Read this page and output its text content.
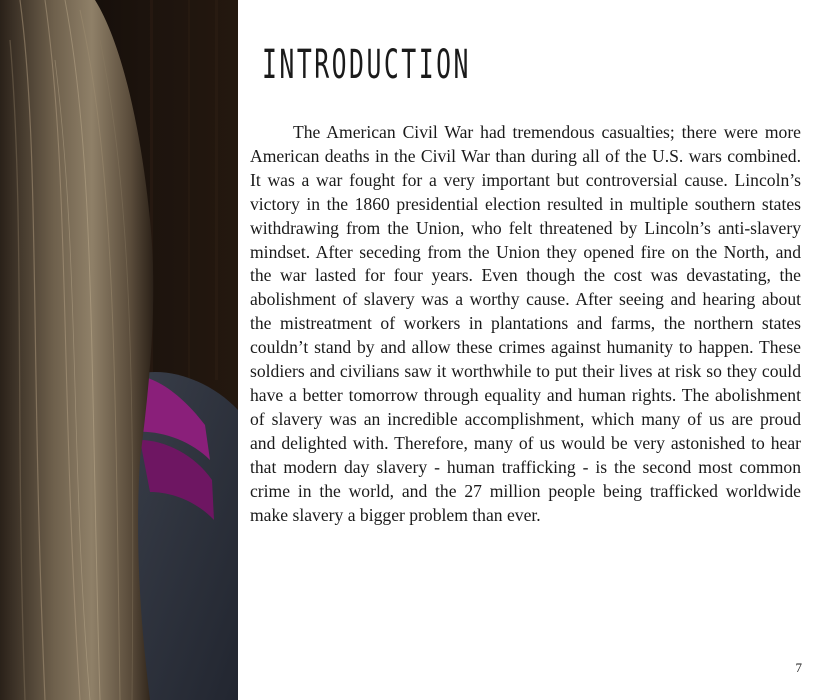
INTRODUCTION

The American Civil War had tremendous casualties; there were more American deaths in the Civil War than during all of the U.S. wars combined. It was a war fought for a very important but controversial cause. Lincoln’s victory in the 1860 presidential election resulted in multiple southern states withdrawing from the Union, who felt threatened by Lincoln’s anti-slavery mindset. After seceding from the Union they opened fire on the North, and the war lasted for four years. Even though the cost was devastating, the abolishment of slavery was a worthy cause. After seeing and hearing about the mistreatment of workers in plantations and farms, the northern states couldn’t stand by and allow these crimes against humanity to happen. These soldiers and civilians saw it worthwhile to put their lives at risk so they could have a better tomorrow through equality and human rights. The abolishment of slavery was an incredible accomplishment, which many of us are proud and delighted with. Therefore, many of us would be very astonished to hear that modern day slavery - human trafficking - is the second most common crime in the world, and the 27 million people being trafficked worldwide make slavery a bigger problem than ever.

7
